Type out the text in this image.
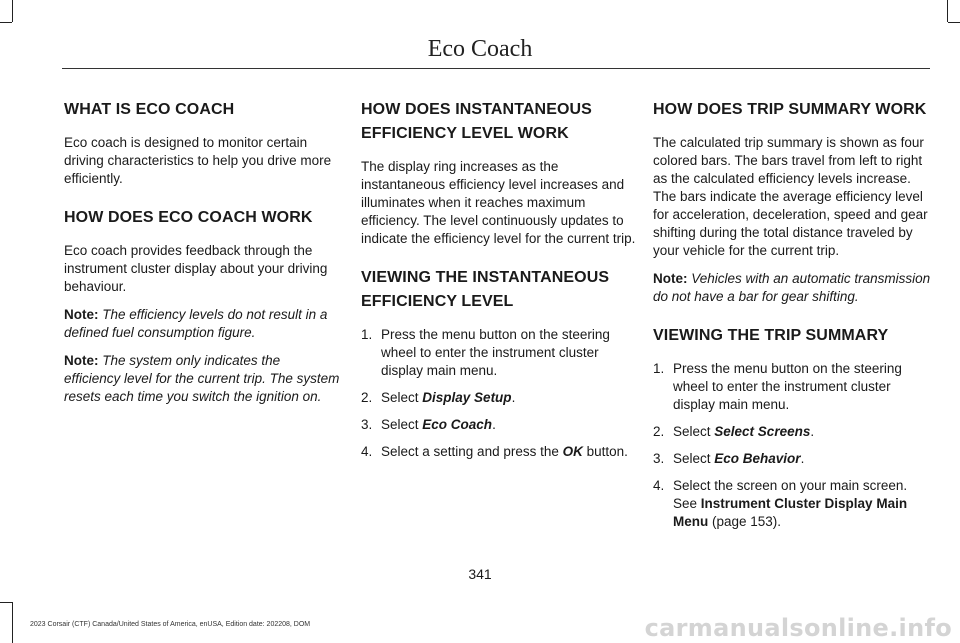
Eco Coach
WHAT IS ECO COACH

Eco coach is designed to monitor certain driving characteristics to help you drive more efficiently.

HOW DOES ECO COACH WORK

Eco coach provides feedback through the instrument cluster display about your driving behaviour.

Note: The efficiency levels do not result in a defined fuel consumption figure.

Note: The system only indicates the efficiency level for the current trip. The system resets each time you switch the ignition on.

HOW DOES INSTANTANEOUS
EFFICIENCY LEVEL WORK

The display ring increases as the instantaneous efficiency level increases and illuminates when it reaches maximum efficiency. The level continuously updates to indicate the efficiency level for the current trip.

VIEWING THE INSTANTANEOUS
EFFICIENCY LEVEL
1. Press the menu button on the steering wheel to enter the instrument cluster display main menu.
2. Select Display Setup.
3. Select Eco Coach.
4. Select a setting and press the OK button.
HOW DOES TRIP SUMMARY WORK

The calculated trip summary is shown as four colored bars. The bars travel from left to right as the calculated efficiency levels increase. The bars indicate the average efficiency level for acceleration, deceleration, speed and gear shifting during the total distance traveled by your vehicle for the current trip.

Note: Vehicles with an automatic transmission do not have a bar for gear shifting.

VIEWING THE TRIP SUMMARY
1. Press the menu button on the steering wheel to enter the instrument cluster display main menu.
2. Select Select Screens.
3. Select Eco Behavior.
4. Select the screen on your main screen. See Instrument Cluster Display Main Menu (page 153).
341
2023 Corsair (CTF) Canada/United States of America, enUSA, Edition date: 202208, DOM	carmanualsonline.info
